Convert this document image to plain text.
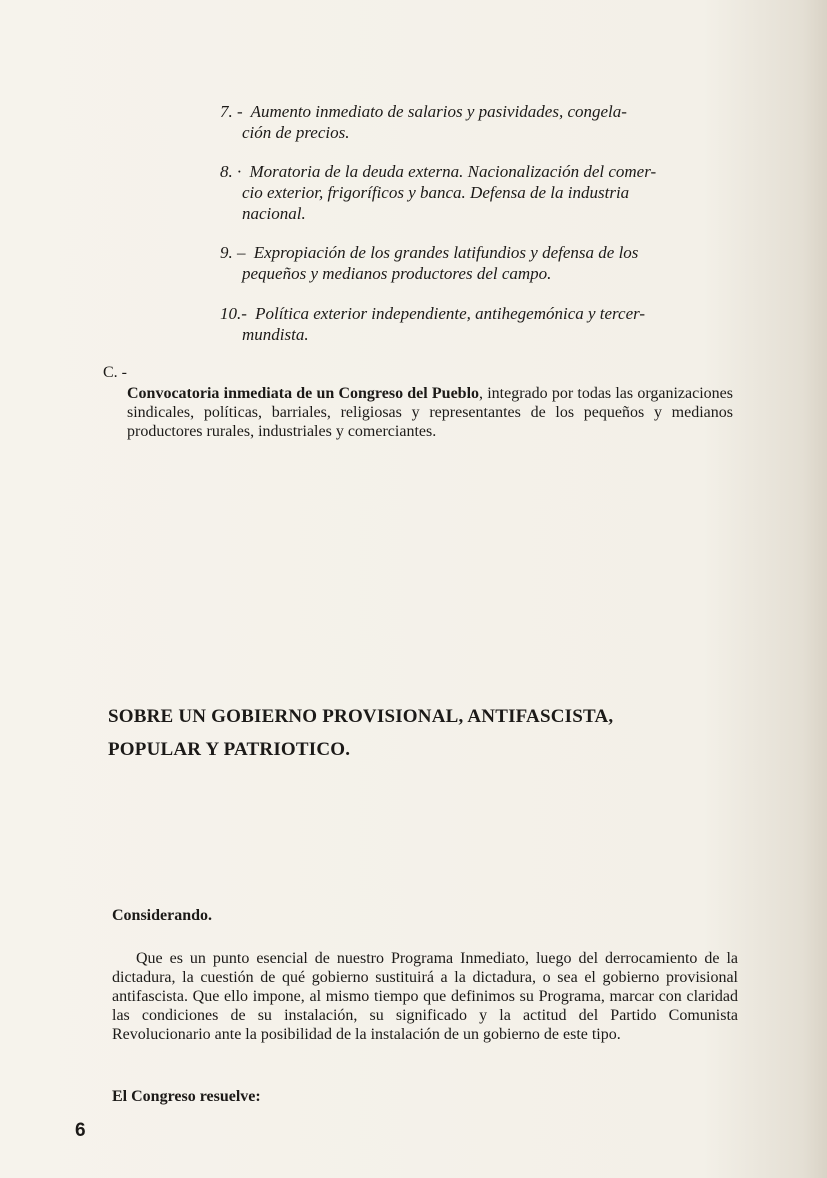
7. - Aumento inmediato de salarios y pasividades, congela-
ción de precios.
8. · Moratoria de la deuda externa. Nacionalización del comer-
cio exterior, frigoríficos y banca. Defensa de la industria
nacional.
9. – Expropiación de los grandes latifundios y defensa de los
pequeños y medianos productores del campo.
10.- Política exterior independiente, antihegemónica y tercer-
mundista.
C. -
Convocatoria inmediata de un Congreso del Pueblo, integrado por todas las organizaciones sindicales, políticas, barriales, religiosas y representantes de los pequeños y medianos productores rurales, industriales y comerciantes.
SOBRE UN GOBIERNO PROVISIONAL, ANTIFASCISTA,
POPULAR Y PATRIOTICO.
Considerando.
Que es un punto esencial de nuestro Programa Inmediato, luego del derrocamiento de la dictadura, la cuestión de qué gobierno sustituirá a la dictadura, o sea el gobierno provisional antifascista. Que ello impone, al mismo tiempo que definimos su Programa, marcar con claridad las condiciones de su instalación, su significado y la actitud del Partido Comunista Revolucionario ante la posibilidad de la instalación de un gobierno de este tipo.
El Congreso resuelve:
6
